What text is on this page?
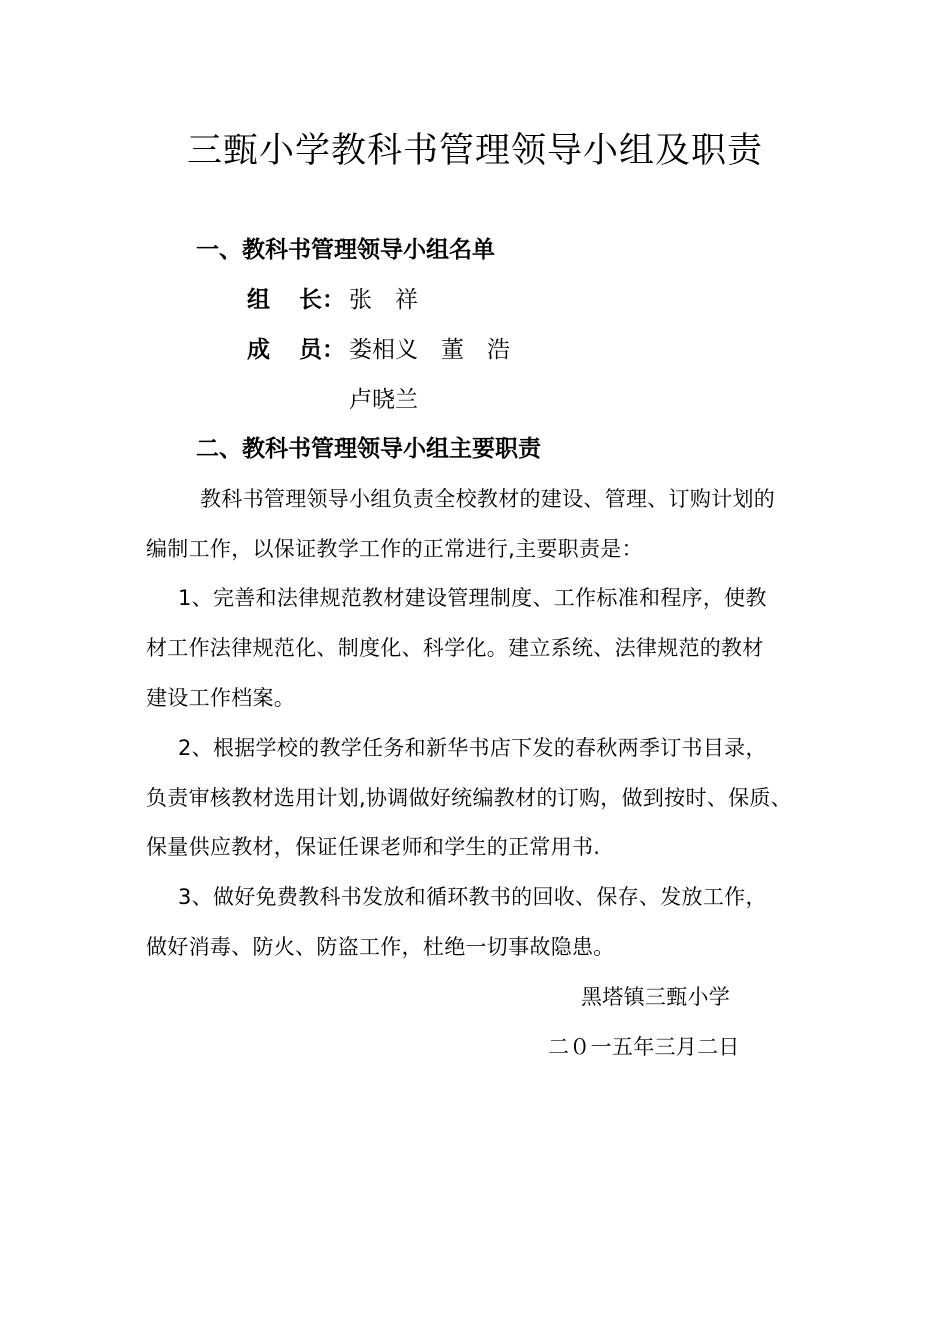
三甄小学教科书管理领导小组及职责
一、教科书管理领导小组名单
组 长： 张　祥
成 员： 娄相义　董　浩
卢晓兰
二、教科书管理领导小组主要职责
教科书管理领导小组负责全校教材的建设、管理、订购计划的
编制工作，以保证教学工作的正常进行,主要职责是：
1、完善和法律规范教材建设管理制度、工作标准和程序，使教
材工作法律规范化、制度化、科学化。建立系统、法律规范的教材
建设工作档案。
2、根据学校的教学任务和新华书店下发的春秋两季订书目录，
负责审核教材选用计划,协调做好统编教材的订购，做到按时、保质、
保量供应教材，保证任课老师和学生的正常用书.
3、做好免费教科书发放和循环教书的回收、保存、发放工作，
做好消毒、防火、防盗工作，杜绝一切事故隐患。
黑塔镇三甄小学
二０一五年三月二日
